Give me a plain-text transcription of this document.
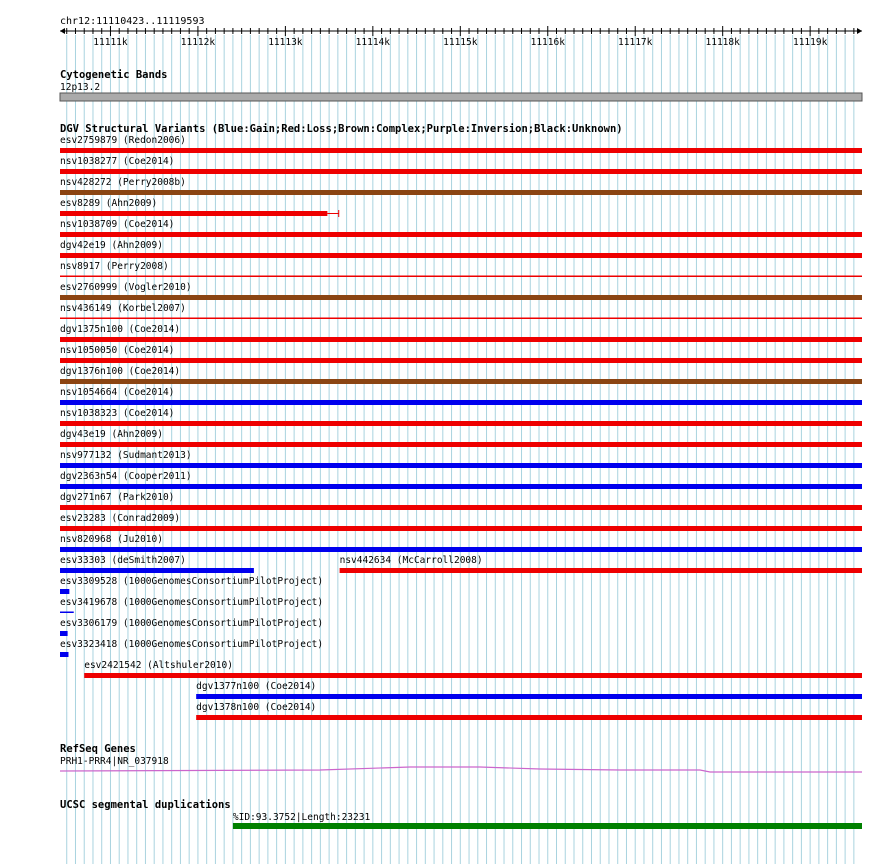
chr12:11110423..11119593
11111k	11112k	11113k	11114k	11115k	11116k	11117k	11118k	11119k
Cytogenetic Bands
12p13.2
DGV Structural Variants (Blue:Gain;Red:Loss;Brown:Complex;Purple:Inversion;Black:Unknown)
esv2759879 (Redon2006)
nsv1038277 (Coe2014)
nsv428272 (Perry2008b)
esv8289 (Ahn2009)
nsv1038709 (Coe2014)
dgv42e19 (Ahn2009)
nsv8917 (Perry2008)
esv2760999 (Vogler2010)
nsv436149 (Korbel2007)
dgv1375n100 (Coe2014)
nsv1050050 (Coe2014)
dgv1376n100 (Coe2014)
nsv1054664 (Coe2014)
nsv1038323 (Coe2014)
dgv43e19 (Ahn2009)
nsv977132 (Sudmant2013)
dgv2363n54 (Cooper2011)
dgv271n67 (Park2010)
esv23283 (Conrad2009)
nsv820968 (Ju2010)
esv33303 (deSmith2007)	nsv442634 (McCarroll2008)
esv3309528 (1000GenomesConsortiumPilotProject)
esv3419678 (1000GenomesConsortiumPilotProject)
esv3306179 (1000GenomesConsortiumPilotProject)
esv3323418 (1000GenomesConsortiumPilotProject)
esv2421542 (Altshuler2010)
dgv1377n100 (Coe2014)
dgv1378n100 (Coe2014)
RefSeq Genes
PRH1-PRR4|NR_037918
UCSC segmental duplications
%ID:93.3752|Length:23231
